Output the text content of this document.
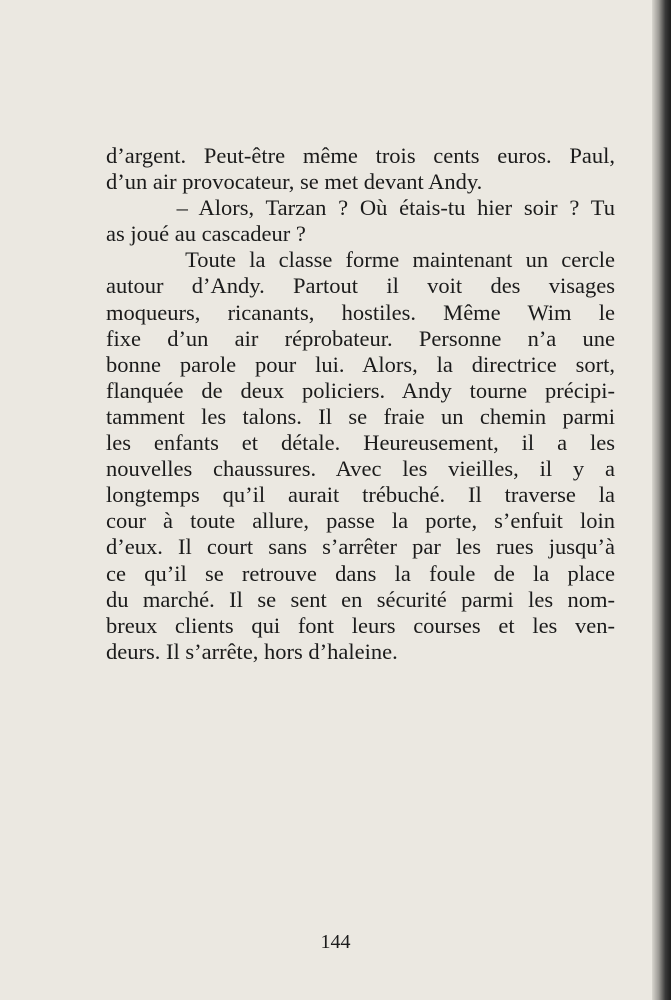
d’argent. Peut-être même trois cents euros. Paul,
d’un air provocateur, se met devant Andy.
– Alors, Tarzan ? Où étais-tu hier soir ? Tu
as joué au cascadeur ?
Toute la classe forme maintenant un cercle
autour d’Andy. Partout il voit des visages
moqueurs, ricanants, hostiles. Même Wim le
fixe d’un air réprobateur. Personne n’a une
bonne parole pour lui. Alors, la directrice sort,
flanquée de deux policiers. Andy tourne précipi-
tamment les talons. Il se fraie un chemin parmi
les enfants et détale. Heureusement, il a les
nouvelles chaussures. Avec les vieilles, il y a
longtemps qu’il aurait trébuché. Il traverse la
cour à toute allure, passe la porte, s’enfuit loin
d’eux. Il court sans s’arrêter par les rues jusqu’à
ce qu’il se retrouve dans la foule de la place
du marché. Il se sent en sécurité parmi les nom-
breux clients qui font leurs courses et les ven-
deurs. Il s’arrête, hors d’haleine.
144
